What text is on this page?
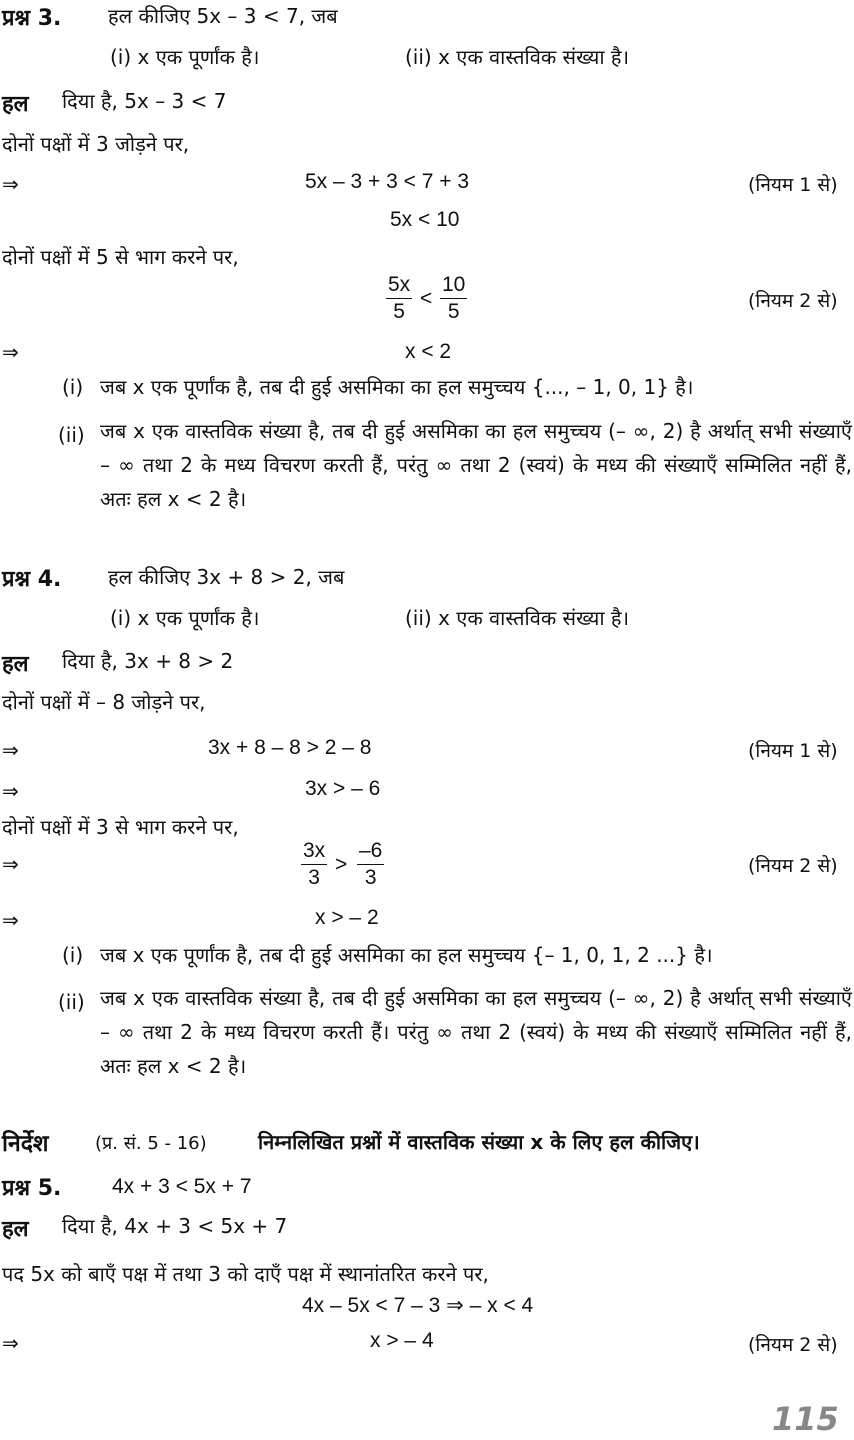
प्रश्न 3. हल कीजिए 5x – 3 < 7, जब
(i) x एक पूर्णांक है।	(ii) x एक वास्तविक संख्या है।
हल दिया है, 5x – 3 < 7
दोनों पक्षों में 3 जोड़ने पर,
⇒	5x – 3 + 3 < 7 + 3	(नियम 1 से)
5x < 10
दोनों पक्षों में 5 से भाग करने पर,
$\frac{5x}{5} < \frac{10}{5}$	(नियम 2 से)
⇒	x < 2
(i) जब x एक पूर्णांक है, तब दी हुई असमिका का हल समुच्चय {..., – 1, 0, 1} है।
(ii) जब x एक वास्तविक संख्या है, तब दी हुई असमिका का हल समुच्चय (– ∞, 2) है अर्थात् सभी संख्याएँ – ∞ तथा 2 के मध्य विचरण करती हैं, परंतु ∞ तथा 2 (स्वयं) के मध्य की संख्याएँ सम्मिलित नहीं हैं, अतः हल x < 2 है।
प्रश्न 4. हल कीजिए 3x + 8 > 2, जब
(i) x एक पूर्णांक है।	(ii) x एक वास्तविक संख्या है।
हल दिया है, 3x + 8 > 2
दोनों पक्षों में – 8 जोड़ने पर,
⇒	3x + 8 – 8 > 2 – 8	(नियम 1 से)
⇒	3x > – 6
दोनों पक्षों में 3 से भाग करने पर,
⇒	$\frac{3x}{3} > \frac{-6}{3}$	(नियम 2 से)
⇒	x > – 2
(i) जब x एक पूर्णांक है, तब दी हुई असमिका का हल समुच्चय {– 1, 0, 1, 2 ...} है।
(ii) जब x एक वास्तविक संख्या है, तब दी हुई असमिका का हल समुच्चय (– ∞, 2) है अर्थात् सभी संख्याएँ – ∞ तथा 2 के मध्य विचरण करती हैं। परंतु ∞ तथा 2 (स्वयं) के मध्य की संख्याएँ सम्मिलित नहीं हैं, अतः हल x < 2 है।
निर्देश	(प्र. सं. 5 - 16)	निम्नलिखित प्रश्नों में वास्तविक संख्या x के लिए हल कीजिए।
प्रश्न 5. 4x + 3 < 5x + 7
हल दिया है, 4x + 3 < 5x + 7
पद 5x को बाएँ पक्ष में तथा 3 को दाएँ पक्ष में स्थानांतरित करने पर,
4x – 5x < 7 – 3 ⇒ – x < 4
⇒	x > – 4	(नियम 2 से)
115
